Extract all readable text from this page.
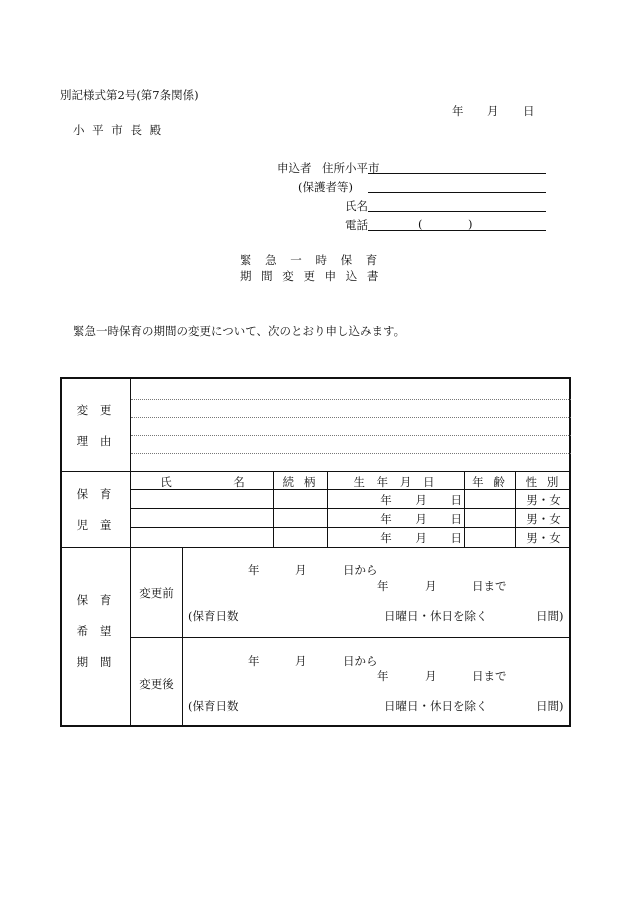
別記様式第2号(第7条関係)
年 月 日
小 平 市 長 殿
申込者 住所小平市
(保護者等)
氏名
電話	(	)
緊 急 一 時 保 育
期 間 変 更 申 込 書
緊急一時保育の期間の変更について、次のとおり申し込みます。
変 更
理 由
保 育
児 童
氏	名	続 柄	生 年 月 日	年 齢	性 別
年 月 日	男・女
年 月 日	男・女
年 月 日	男・女
保 育
希 望
期 間
変更前
年	月	日から
年	月	日まで
(保育日数	日曜日・休日を除く	日間)
変更後
年	月	日から
年	月	日まで
(保育日数	日曜日・休日を除く	日間)
